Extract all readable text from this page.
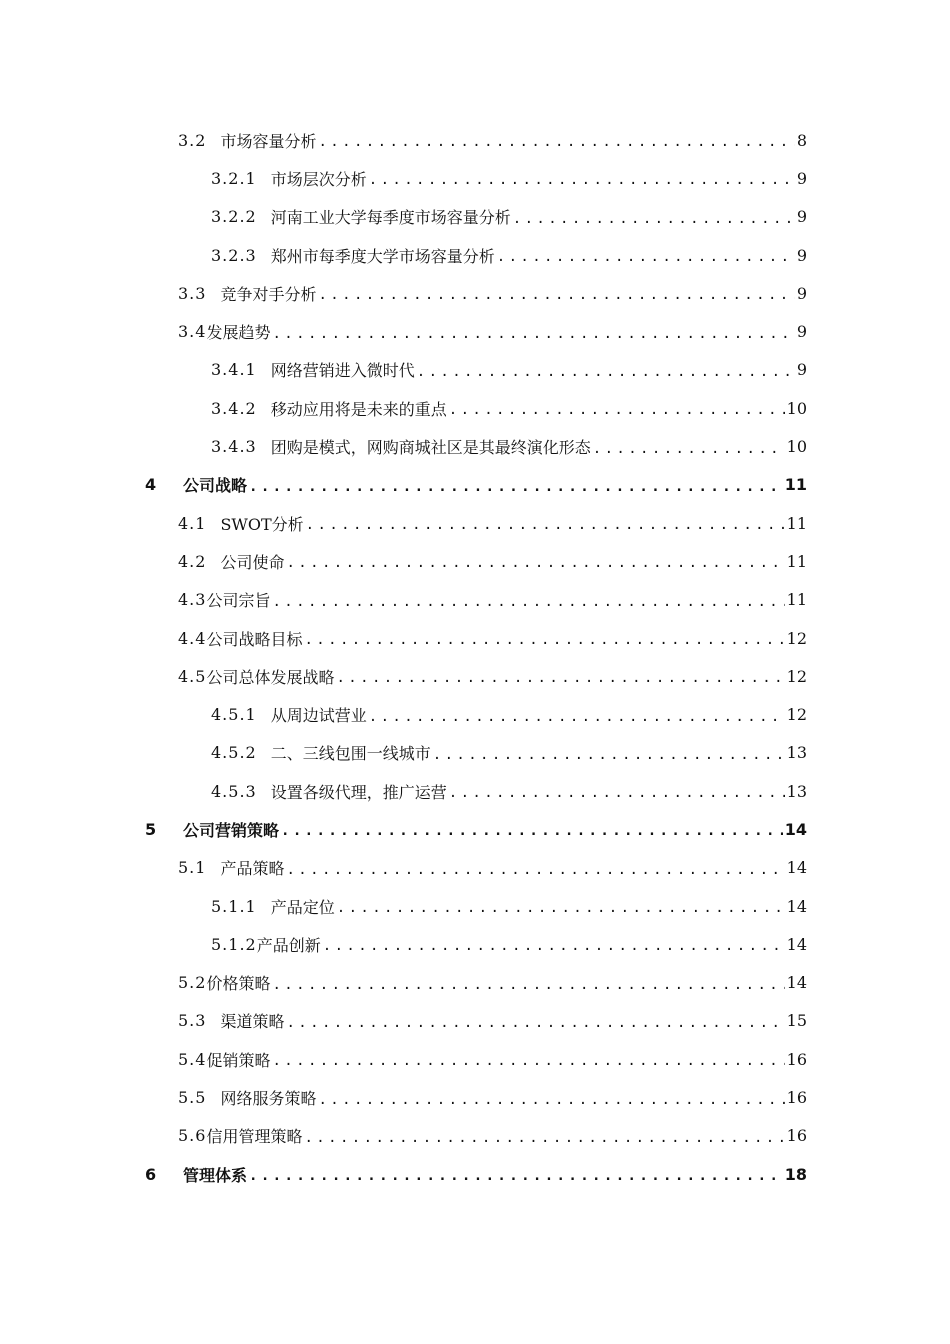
3.2 市场容量分析 .....	8
3.2.1 市场层次分析 .....	9
3.2.2 河南工业大学每季度市场容量分析 .....	9
3.2.3 郑州市每季度大学市场容量分析 .....	9
3.3 竞争对手分析 .....	9
3.4 发展趋势 .....	9
3.4.1 网络营销进入微时代 .....	9
3.4.2 移动应用将是未来的重点 .....	10
3.4.3 团购是模式，网购商城社区是其最终演化形态 .....	10
4	公司战略 .....	11
4.1 SWOT分析 .....	11
4.2 公司使命 .....	11
4.3 公司宗旨 .....	11
4.4 公司战略目标 .....	12
4.5 公司总体发展战略 .....	12
4.5.1 从周边试营业 .....	12
4.5.2 二、三线包围一线城市 .....	13
4.5.3 设置各级代理，推广运营 .....	13
5	公司营销策略 .....	14
5.1 产品策略 .....	14
5.1.1 产品定位 .....	14
5.1.2 产品创新 .....	14
5.2 价格策略 .....	14
5.3 渠道策略 .....	15
5.4 促销策略 .....	16
5.5 网络服务策略 .....	16
5.6 信用管理策略 .....	16
6	管理体系 .....	18
